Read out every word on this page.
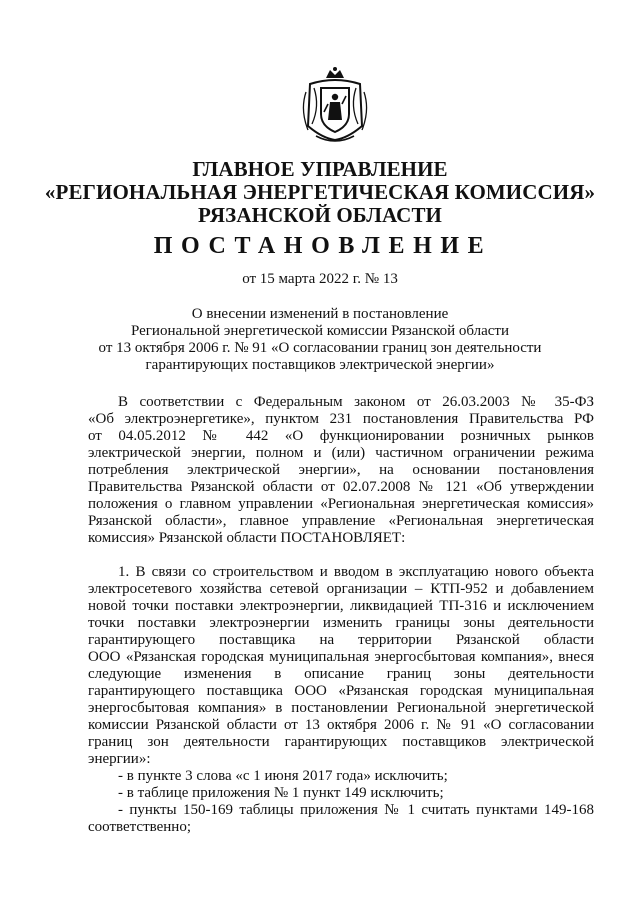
ГЛАВНОЕ УПРАВЛЕНИЕ
«РЕГИОНАЛЬНАЯ ЭНЕРГЕТИЧЕСКАЯ КОМИССИЯ»
РЯЗАНСКОЙ ОБЛАСТИ
ПОСТАНОВЛЕНИЕ
от 15 марта 2022 г. № 13
О внесении изменений в постановление
Региональной энергетической комиссии Рязанской области
от 13 октября 2006 г. № 91 «О согласовании границ зон деятельности
гарантирующих поставщиков электрической энергии»
В соответствии с Федеральным законом от 26.03.2003 № 35-ФЗ
«Об электроэнергетике», пунктом 231 постановления Правительства РФ
от 04.05.2012 № 442 «О функционировании розничных рынков
электрической энергии, полном и (или) частичном ограничении режима
потребления электрической энергии», на основании постановления
Правительства Рязанской области от 02.07.2008 № 121 «Об утверждении
положения о главном управлении «Региональная энергетическая комиссия»
Рязанской области», главное управление «Региональная энергетическая
комиссия» Рязанской области ПОСТАНОВЛЯЕТ:
1. В связи со строительством и вводом в эксплуатацию нового объекта
электросетевого хозяйства сетевой организации – КТП-952 и добавлением
новой точки поставки электроэнергии, ликвидацией ТП-316 и исключением
точки поставки электроэнергии изменить границы зоны деятельности
гарантирующего поставщика на территории Рязанской области
ООО «Рязанская городская муниципальная энергосбытовая компания», внеся
следующие изменения в описание границ зоны деятельности
гарантирующего поставщика ООО «Рязанская городская муниципальная
энергосбытовая компания» в постановлении Региональной энергетической
комиссии Рязанской области от 13 октября 2006 г. № 91 «О согласовании
границ зон деятельности гарантирующих поставщиков электрической
энергии»:
- в пункте 3 слова «с 1 июня 2017 года» исключить;
- в таблице приложения № 1 пункт 149 исключить;
- пункты 150-169 таблицы приложения № 1 считать пунктами 149-168
соответственно;
